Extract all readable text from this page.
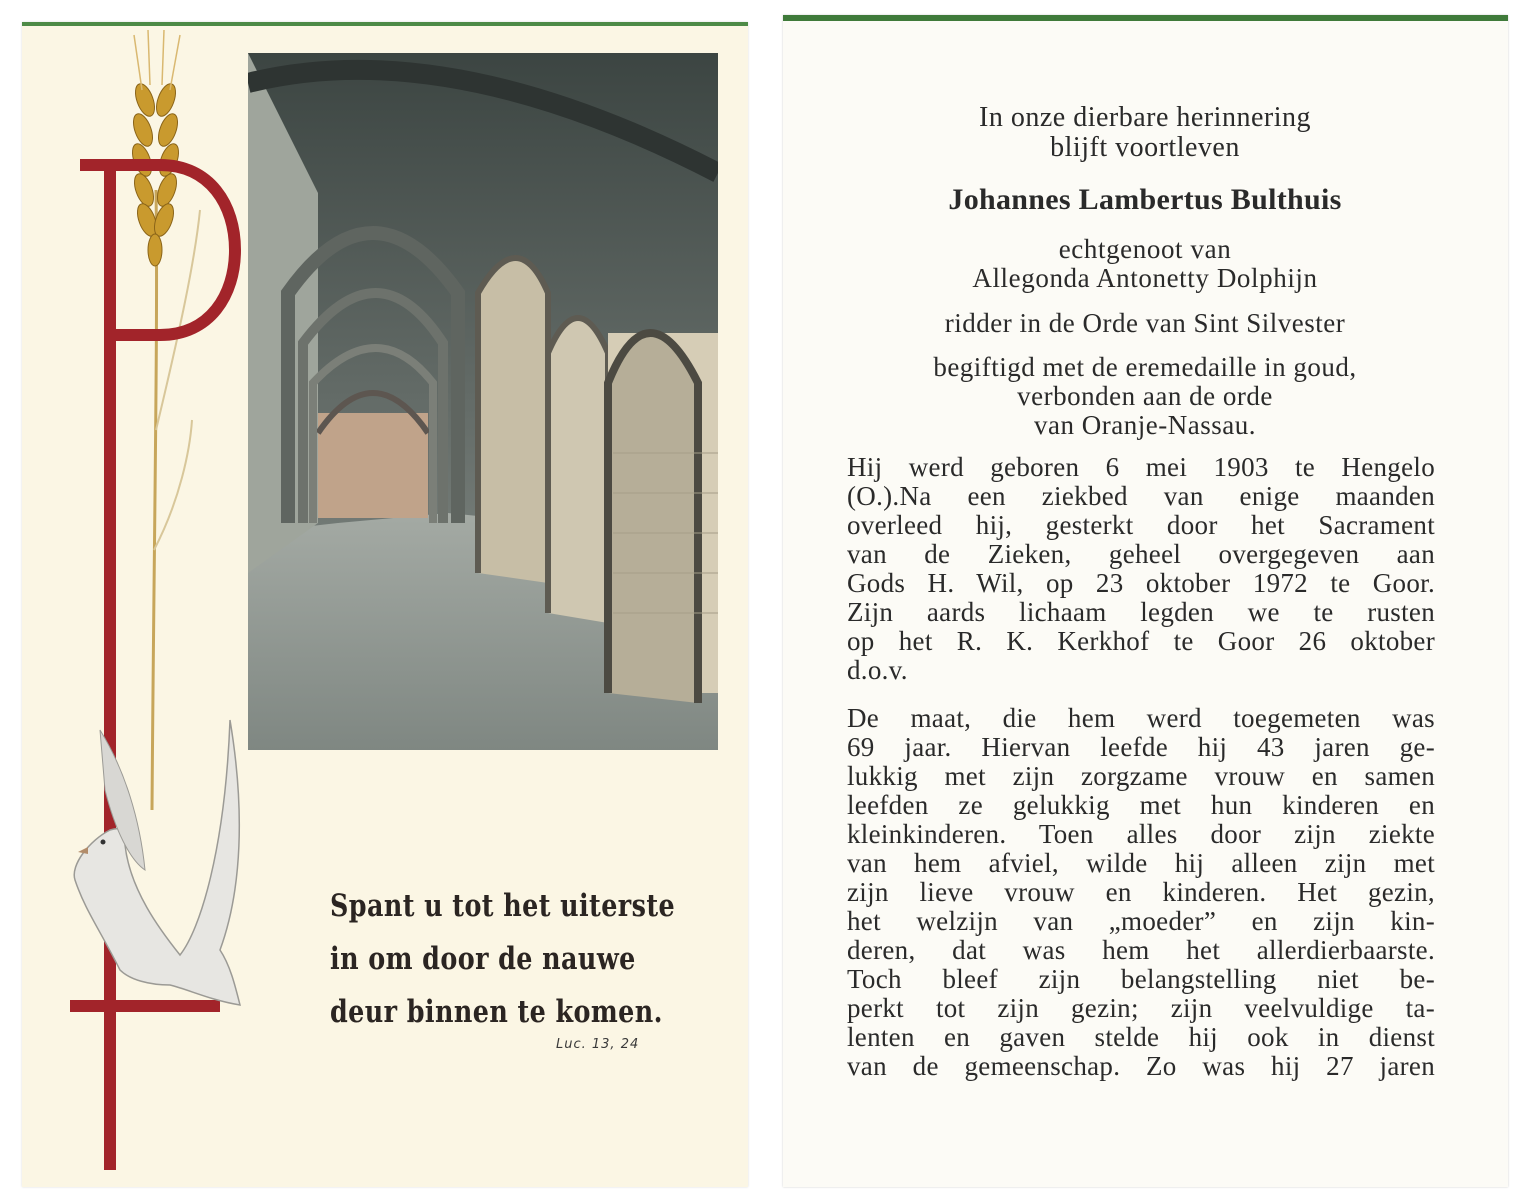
Spant u tot het uiterste
in om door de nauwe
deur binnen te komen.
Luc. 13, 24
In onze dierbare herinnering
blijft voortleven
Johannes Lambertus Bulthuis
echtgenoot van
Allegonda Antonetty Dolphijn
ridder in de Orde van Sint Silvester
begiftigd met de eremedaille in goud,
verbonden aan de orde
van Oranje-Nassau.
Hij werd geboren 6 mei 1903 te Hengelo
(O.).Na een ziekbed van enige maanden
overleed hij, gesterkt door het Sacrament
van de Zieken, geheel overgegeven aan
Gods H. Wil, op 23 oktober 1972 te Goor.
Zijn aards lichaam legden we te rusten
op het R. K. Kerkhof te Goor 26 oktober
d.o.v.
De maat, die hem werd toegemeten was
69 jaar. Hiervan leefde hij 43 jaren ge-
lukkig met zijn zorgzame vrouw en samen
leefden ze gelukkig met hun kinderen en
kleinkinderen. Toen alles door zijn ziekte
van hem afviel, wilde hij alleen zijn met
zijn lieve vrouw en kinderen. Het gezin,
het welzijn van „moeder” en zijn kin-
deren, dat was hem het allerdierbaarste.
Toch bleef zijn belangstelling niet be-
perkt tot zijn gezin; zijn veelvuldige ta-
lenten en gaven stelde hij ook in dienst
van de gemeenschap. Zo was hij 27 jaren
